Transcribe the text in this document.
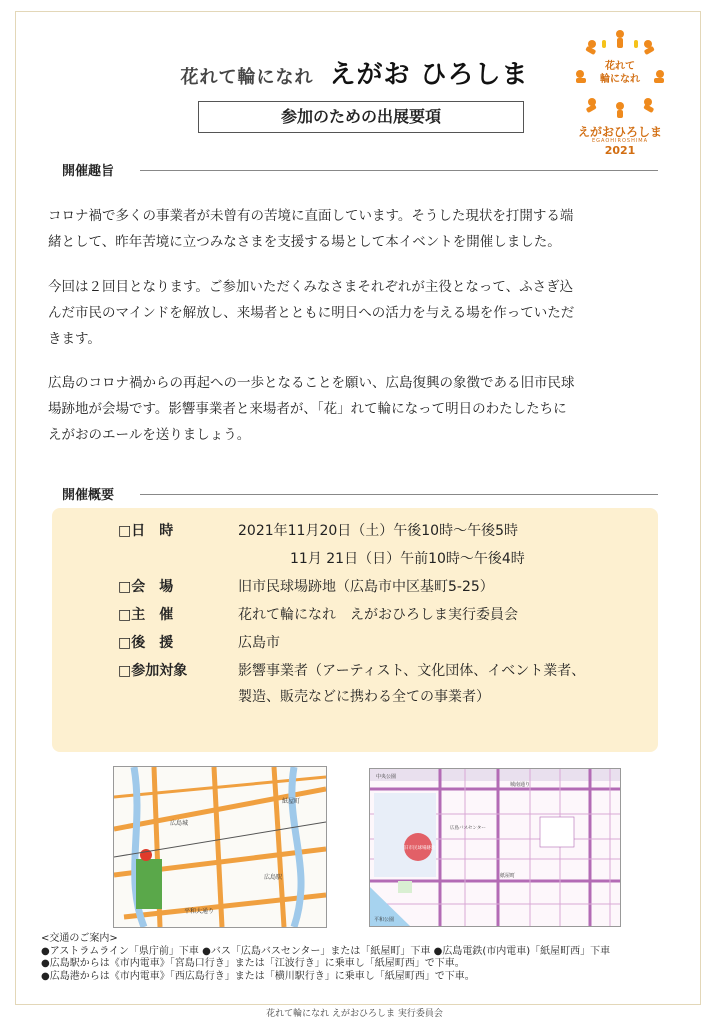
花れて輪になれ えがお ひろしま
参加のための出展要項
花れて
輪になれ
えがおひろしま
EGAOHIROSHIMA
2021
開催趣旨
コロナ禍で多くの事業者が未曾有の苦境に直面しています。そうした現状を打開する端
緒として、昨年苦境に立つみなさまを支援する場として本イベントを開催しました。
今回は２回目となります。ご参加いただくみなさまそれぞれが主役となって、ふさぎ込
んだ市民のマインドを解放し、来場者とともに明日への活力を与える場を作っていただ
きます。
広島のコロナ禍からの再起への一歩となることを願い、広島復興の象徴である旧市民球
場跡地が会場です。影響事業者と来場者が、「花」れて輪になって明日のわたしたちに
えがおのエールを送りましょう。
開催概要
□日　時	2021年11月20日（土）午後10時～午後5時
11月 21日（日）午前10時～午後4時
□会　場	旧市民球場跡地（広島市中区基町5-25）
□主　催	花れて輪になれ　えがおひろしま実行委員会
□後　援	広島市
□参加対象	影響事業者（アーティスト、文化団体、イベント業者、
製造、販売などに携わる全ての事業者）
広島城
紙屋町
広島駅
平和大通り
中央公園
城南通り
旧市民球場跡地
紙屋町
広島バスセンター
平和公園
<交通のご案内>
●アストラムライン「県庁前」下車 ●バス「広島バスセンター」または「紙屋町」下車 ●広島電鉄(市内電車)「紙屋町西」下車
●広島駅からは《市内電車》「宮島口行き」または「江波行き」に乗車し「紙屋町西」で下車。
●広島港からは《市内電車》「西広島行き」または「横川駅行き」に乗車し「紙屋町西」で下車。
花れて輪になれ えがおひろしま 実行委員会
